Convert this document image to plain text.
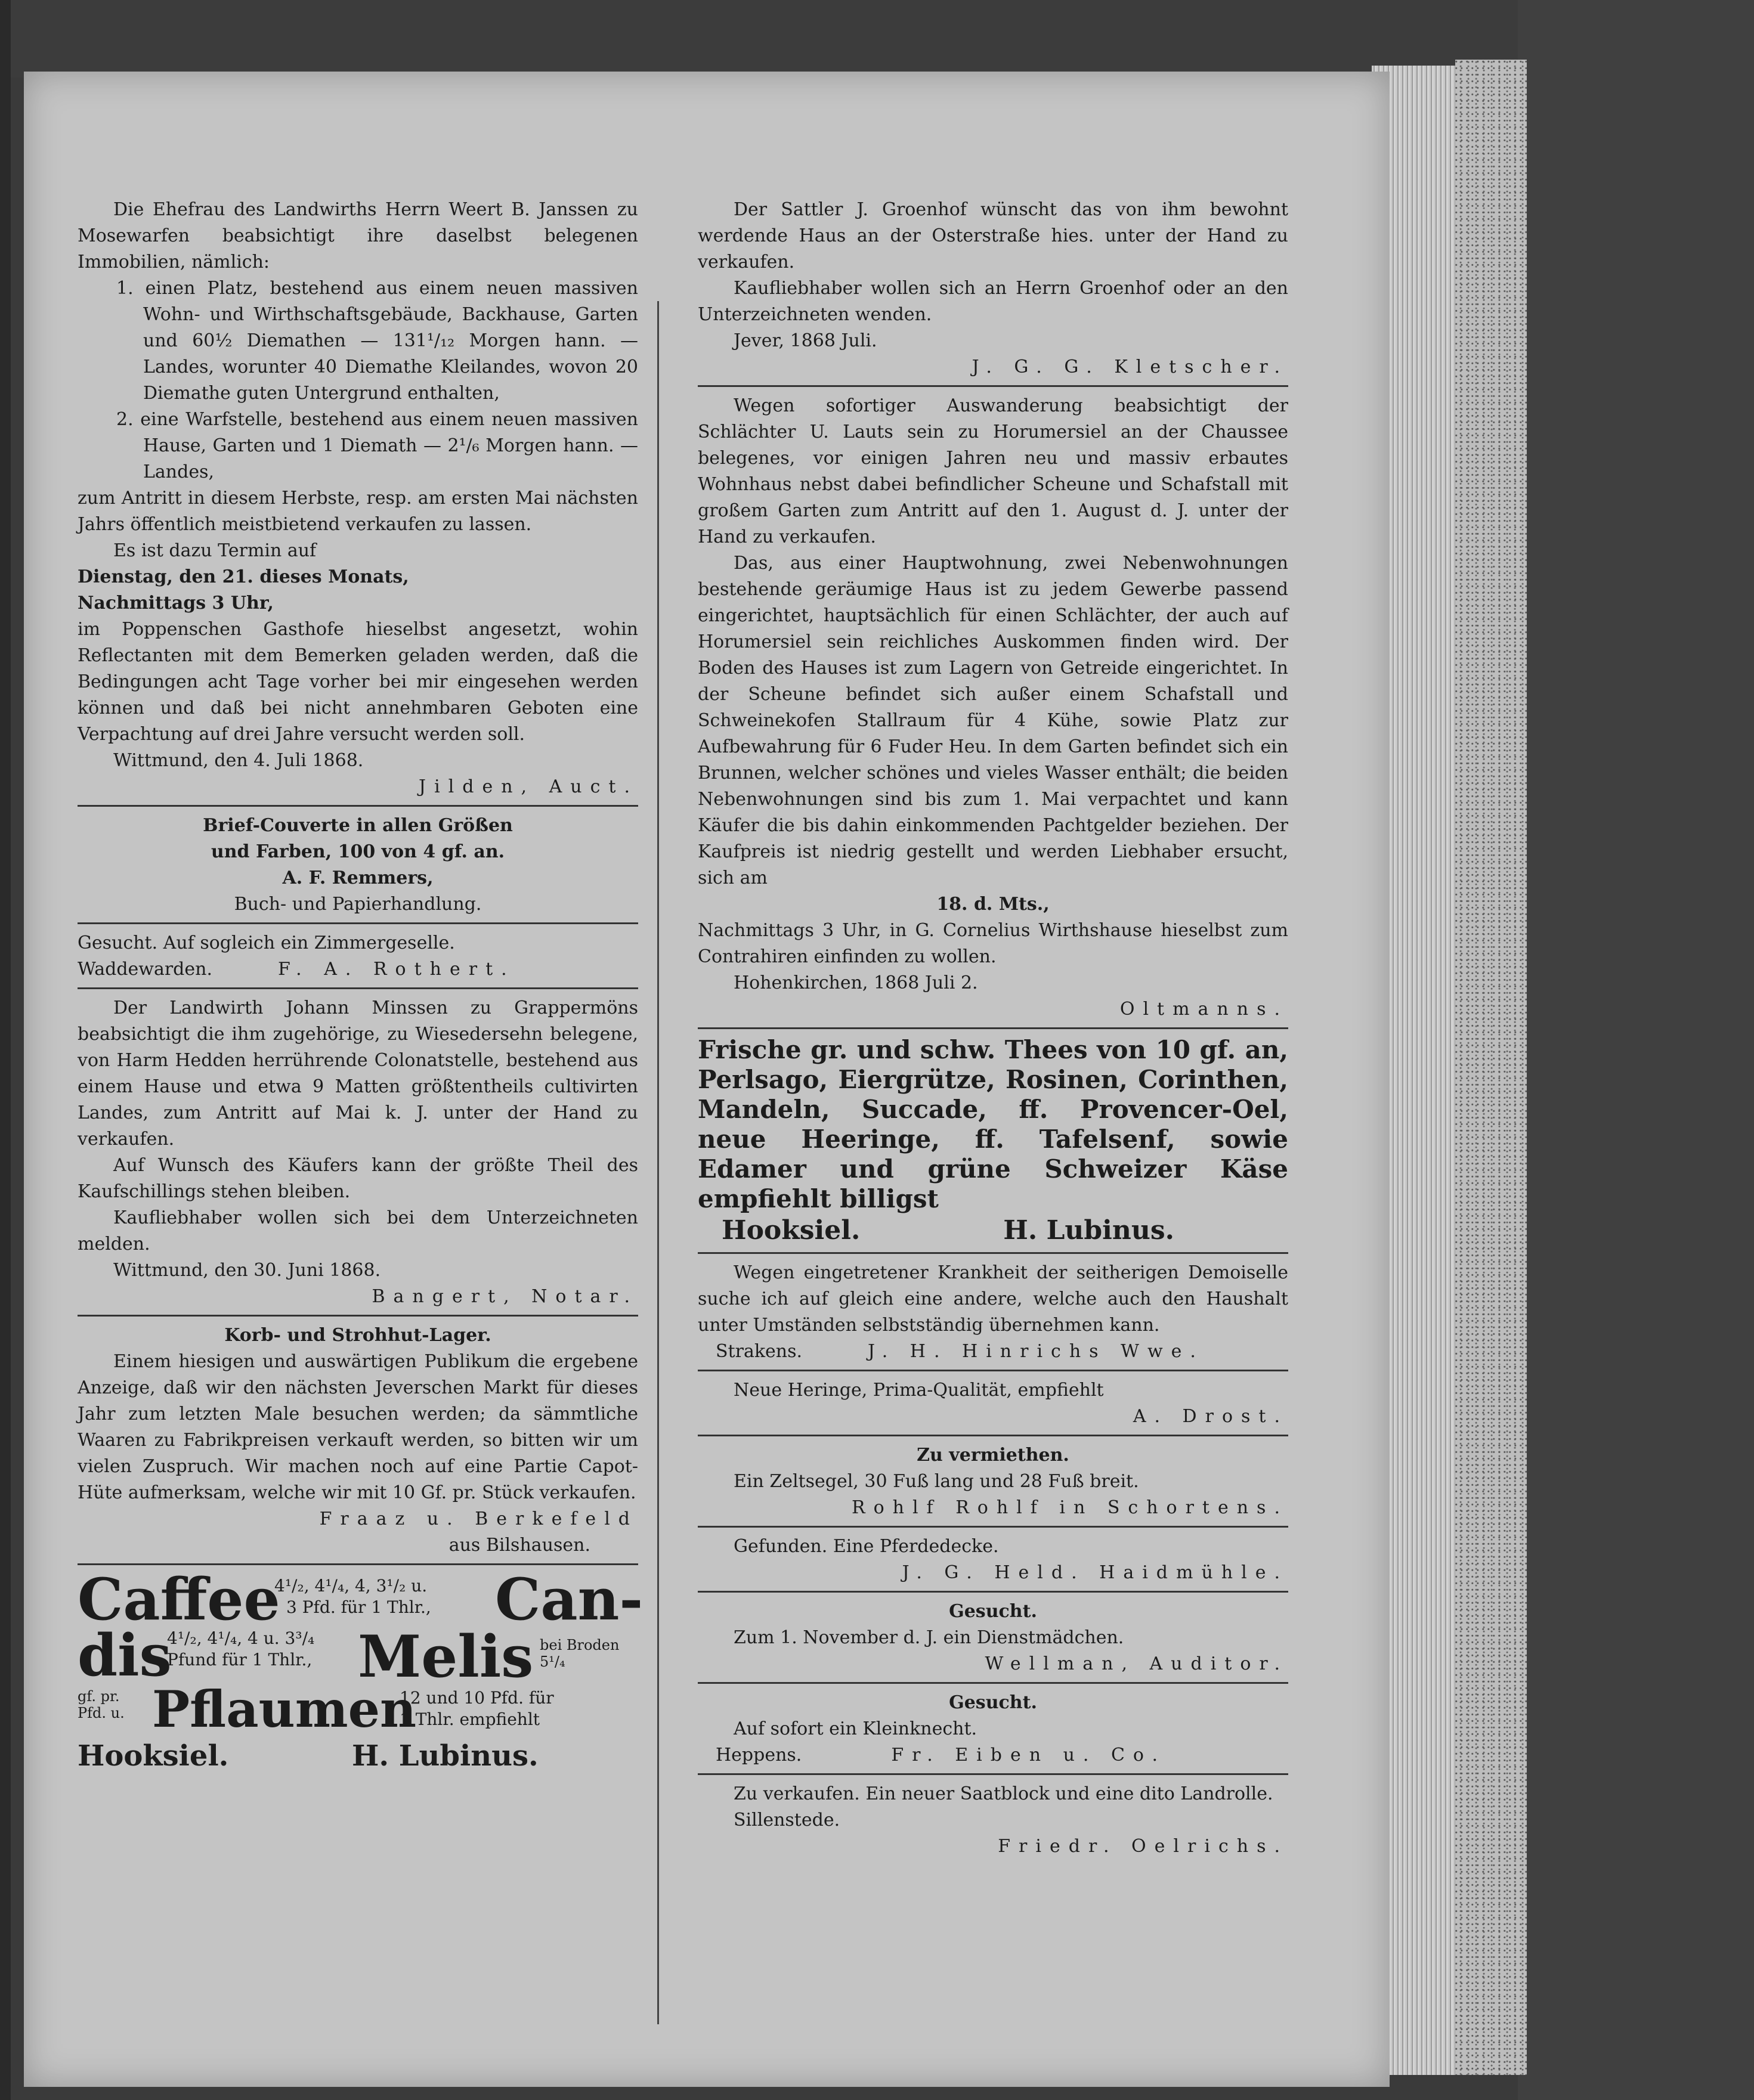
Die Ehefrau des Landwirths Herrn Weert B. Janssen zu Mosewarfen beabsichtigt ihre daselbst belegenen Immobilien, nämlich:

1. einen Platz, bestehend aus einem neuen massiven Wohn- und Wirthschaftsgebäude, Backhause, Garten und 60½ Diemathen — 131¹/₁₂ Morgen hann. — Landes, worunter 40 Diemathe Kleilandes, wovon 20 Diemathe guten Untergrund enthalten,

2. eine Warfstelle, bestehend aus einem neuen massiven Hause, Garten und 1 Diemath — 2¹/₆ Morgen hann. — Landes,

zum Antritt in diesem Herbste, resp. am ersten Mai nächsten Jahrs öffentlich meistbietend verkaufen zu lassen.

Es ist dazu Termin auf

Dienstag, den 21. dieses Monats,

Nachmittags 3 Uhr,

im Poppenschen Gasthofe hieselbst angesetzt, wohin Reflectanten mit dem Bemerken geladen werden, daß die Bedingungen acht Tage vorher bei mir eingesehen werden können und daß bei nicht annehmbaren Geboten eine Verpachtung auf drei Jahre versucht werden soll.

Wittmund, den 4. Juli 1868.

Jilden, Auct.

Brief-Couverte in allen Größen

und Farben, 100 von 4 gf. an.

A. F. Remmers,

Buch- und Papierhandlung.

Gesucht. Auf sogleich ein Zimmergeselle.

Waddewarden.	F. A. Rothert.

Der Landwirth Johann Minssen zu Grappermöns beabsichtigt die ihm zugehörige, zu Wiesedersehn belegene, von Harm Hedden herrührende Colonatstelle, bestehend aus einem Hause und etwa 9 Matten größtentheils cultivirten Landes, zum Antritt auf Mai k. J. unter der Hand zu verkaufen.

Auf Wunsch des Käufers kann der größte Theil des Kaufschillings stehen bleiben.

Kaufliebhaber wollen sich bei dem Unterzeichneten melden.

Wittmund, den 30. Juni 1868.

Bangert, Notar.

Korb- und Strohhut-Lager.

Einem hiesigen und auswärtigen Publikum die ergebene Anzeige, daß wir den nächsten Jeverschen Markt für dieses Jahr zum letzten Male besuchen werden; da sämmtliche Waaren zu Fabrikpreisen verkauft werden, so bitten wir um vielen Zuspruch. Wir machen noch auf eine Partie Capot-Hüte aufmerksam, welche wir mit 10 Gf. pr. Stück verkaufen.

Fraaz u. Berkefeld

aus Bilshausen.

Caffee
4¹/₂, 4¹/₄, 4, 3¹/₂ u.
3 Pfd. für 1 Thlr., Can-
dis
4¹/₂, 4¹/₄, 4 u. 3³/₄
Pfund für 1 Thlr., Melis bei Broden 5¹/₄
gf. pr. Pfd. u. Pflaumen
12 und 10 Pfd. für
1 Thlr. empfiehlt
Hooksiel.	H. Lubinus.

Der Sattler J. Groenhof wünscht das von ihm bewohnt werdende Haus an der Osterstraße hies. unter der Hand zu verkaufen.

Kaufliebhaber wollen sich an Herrn Groenhof oder an den Unterzeichneten wenden.

Jever, 1868 Juli.

J. G. G. Kletscher.

Wegen sofortiger Auswanderung beabsichtigt der Schlächter U. Lauts sein zu Horumersiel an der Chaussee belegenes, vor einigen Jahren neu und massiv erbautes Wohnhaus nebst dabei befindlicher Scheune und Schafstall mit großem Garten zum Antritt auf den 1. August d. J. unter der Hand zu verkaufen.

Das, aus einer Hauptwohnung, zwei Nebenwohnungen bestehende geräumige Haus ist zu jedem Gewerbe passend eingerichtet, hauptsächlich für einen Schlächter, der auch auf Horumersiel sein reichliches Auskommen finden wird. Der Boden des Hauses ist zum Lagern von Getreide eingerichtet. In der Scheune befindet sich außer einem Schafstall und Schweinekofen Stallraum für 4 Kühe, sowie Platz zur Aufbewahrung für 6 Fuder Heu. In dem Garten befindet sich ein Brunnen, welcher schönes und vieles Wasser enthält; die beiden Nebenwohnungen sind bis zum 1. Mai verpachtet und kann Käufer die bis dahin einkommenden Pachtgelder beziehen. Der Kaufpreis ist niedrig gestellt und werden Liebhaber ersucht, sich am

18. d. Mts.,

Nachmittags 3 Uhr, in G. Cornelius Wirthshause hieselbst zum Contrahiren einfinden zu wollen.

Hohenkirchen, 1868 Juli 2.

Oltmanns.

Frische gr. und schw. Thees von 10 gf. an, Perlsago, Eiergrütze, Rosinen, Corinthen, Mandeln, Succade, ff. Provencer-Oel, neue Heeringe, ff. Tafelsenf, sowie Edamer und grüne Schweizer Käse empfiehlt billigst

Hooksiel.	H. Lubinus.

Wegen eingetretener Krankheit der seitherigen Demoiselle suche ich auf gleich eine andere, welche auch den Haushalt unter Umständen selbstständig übernehmen kann.

Strakens.	J. H. Hinrichs Wwe.

Neue Heringe, Prima-Qualität, empfiehlt

A. Drost.

Zu vermiethen.

Ein Zeltsegel, 30 Fuß lang und 28 Fuß breit.

Rohlf Rohlf in Schortens.

Gefunden. Eine Pferdedecke.

J. G. Held. Haidmühle.

Gesucht.

Zum 1. November d. J. ein Dienstmädchen.

Wellman, Auditor.

Gesucht.

Auf sofort ein Kleinknecht.

Heppens.	Fr. Eiben u. Co.

Zu verkaufen. Ein neuer Saatblock und eine dito Landrolle.

Sillenstede.

Friedr. Oelrichs.
